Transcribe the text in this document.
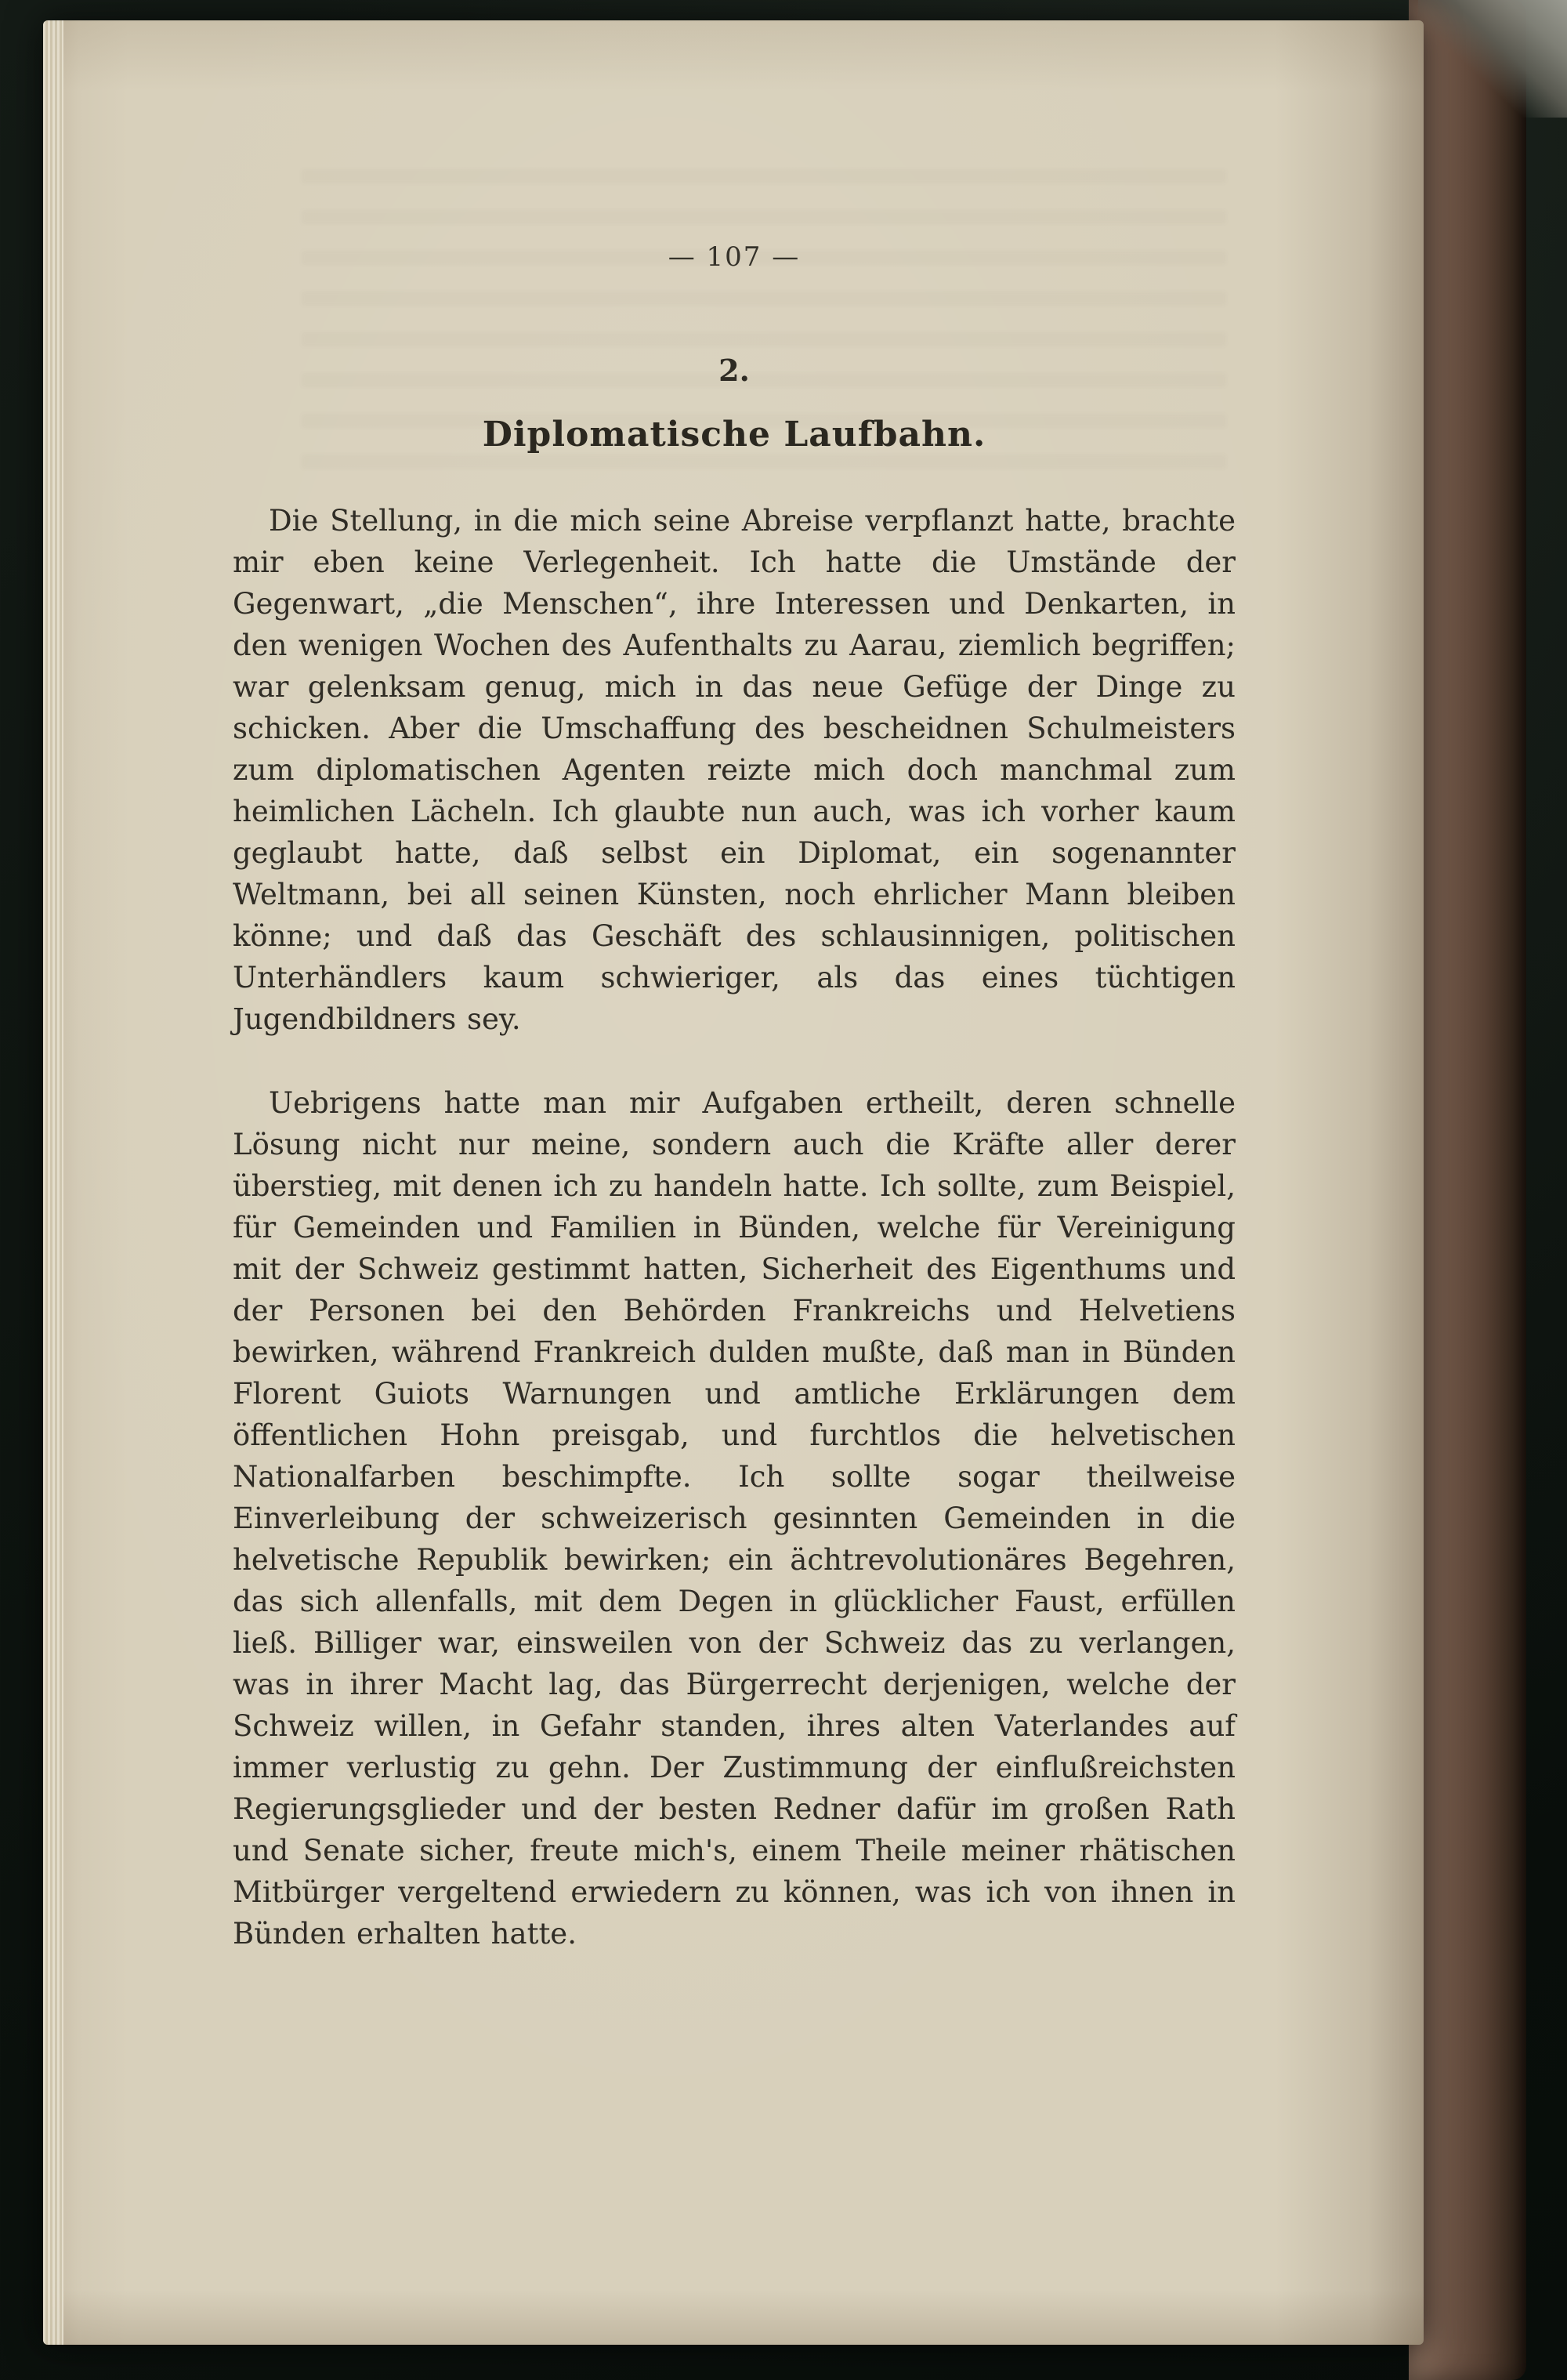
— 107 —
2.
Diplomatische Laufbahn.

Die Stellung, in die mich seine Abreise verpflanzt hatte, brachte mir eben keine Verlegenheit. Ich hatte die Umstände der Gegenwart, „die Menschen“, ihre Interessen und Denkarten, in den wenigen Wochen des Aufenthalts zu Aarau, ziemlich begriffen; war gelenksam genug, mich in das neue Gefüge der Dinge zu schicken. Aber die Umschaffung des bescheidnen Schulmeisters zum diplomatischen Agenten reizte mich doch manchmal zum heimlichen Lächeln. Ich glaubte nun auch, was ich vorher kaum geglaubt hatte, daß selbst ein Diplomat, ein sogenannter Weltmann, bei all seinen Künsten, noch ehrlicher Mann bleiben könne; und daß das Geschäft des schlausinnigen, politischen Unterhändlers kaum schwieriger, als das eines tüchtigen Jugendbildners sey.

Uebrigens hatte man mir Aufgaben ertheilt, deren schnelle Lösung nicht nur meine, sondern auch die Kräfte aller derer überstieg, mit denen ich zu handeln hatte. Ich sollte, zum Beispiel, für Gemeinden und Familien in Bünden, welche für Vereinigung mit der Schweiz gestimmt hatten, Sicherheit des Eigenthums und der Personen bei den Behörden Frankreichs und Helvetiens bewirken, während Frankreich dulden mußte, daß man in Bünden Florent Guiots Warnungen und amtliche Erklärungen dem öffentlichen Hohn preisgab, und furchtlos die helvetischen Nationalfarben beschimpfte. Ich sollte sogar theilweise Einverleibung der schweizerisch gesinnten Gemeinden in die helvetische Republik bewirken; ein ächtrevolutionäres Begehren, das sich allenfalls, mit dem Degen in glücklicher Faust, erfüllen ließ. Billiger war, einsweilen von der Schweiz das zu verlangen, was in ihrer Macht lag, das Bürgerrecht derjenigen, welche der Schweiz willen, in Gefahr standen, ihres alten Vaterlandes auf immer verlustig zu gehn. Der Zustimmung der einflußreichsten Regierungsglieder und der besten Redner dafür im großen Rath und Senate sicher, freute mich's, einem Theile meiner rhätischen Mitbürger vergeltend erwiedern zu können, was ich von ihnen in Bünden erhalten hatte.
